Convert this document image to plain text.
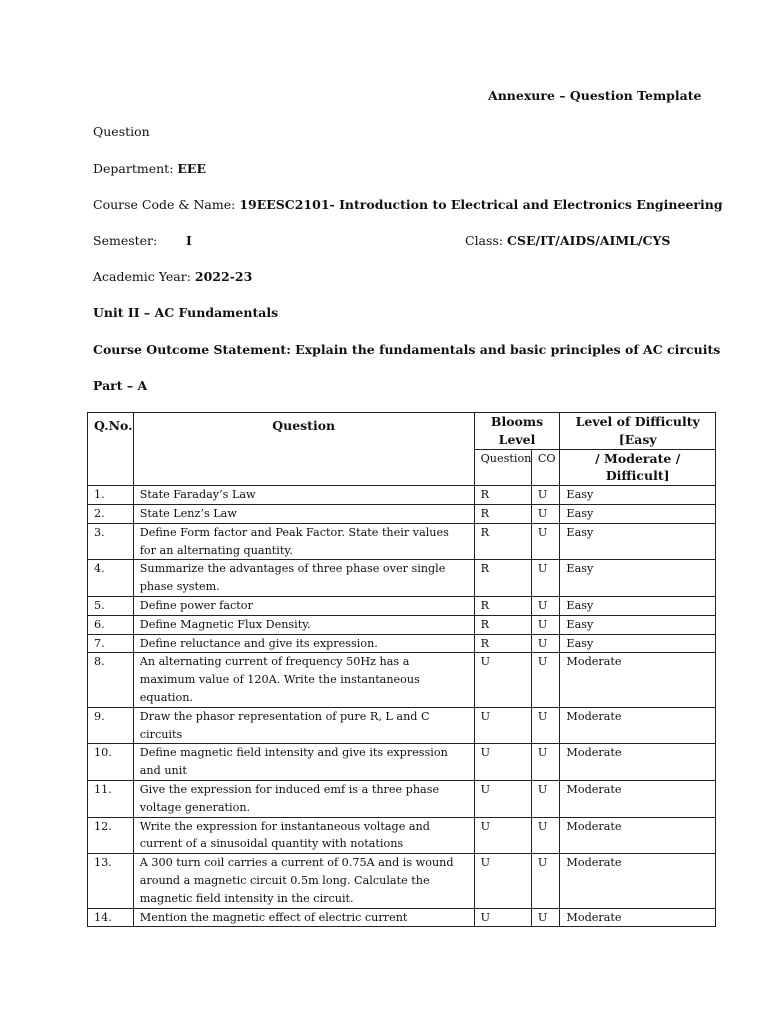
Annexure – Question Template
Question
Department: EEE
Course Code & Name: 19EESC2101- Introduction to Electrical and Electronics Engineering
Semester: I	Class: CSE/IT/AIDS/AIML/CYS
Academic Year: 2022-23
Unit II – AC Fundamentals
Course Outcome Statement: Explain the fundamentals and basic principles of AC circuits
Part – A
Q.No.	Question	Blooms Level		Level of Difficulty [Easy
		Question	CO	/ Moderate / Difficult]
1.	State Faraday’s Law	R	U	Easy
2.	State Lenz’s Law	R	U	Easy
3.	Define Form factor and Peak Factor. State their values for an alternating quantity.	R	U	Easy
4.	Summarize the advantages of three phase over single phase system.	R	U	Easy
5.	Define power factor	R	U	Easy
6.	Define Magnetic Flux Density.	R	U	Easy
7.	Define reluctance and give its expression.	R	U	Easy
8.	An alternating current of frequency 50Hz has a maximum value of 120A. Write the instantaneous equation.	U	U	Moderate
9.	Draw the phasor representation of pure R, L and C circuits	U	U	Moderate
10.	Define magnetic field intensity and give its expression and unit	U	U	Moderate
11.	Give the expression for induced emf is a three phase voltage generation.	U	U	Moderate
12.	Write the expression for instantaneous voltage and current of a sinusoidal quantity with notations	U	U	Moderate
13.	A 300 turn coil carries a current of 0.75A and is wound around a magnetic circuit 0.5m long. Calculate the magnetic field intensity in the circuit.	U	U	Moderate
14.	Mention the magnetic effect of electric current	U	U	Moderate
